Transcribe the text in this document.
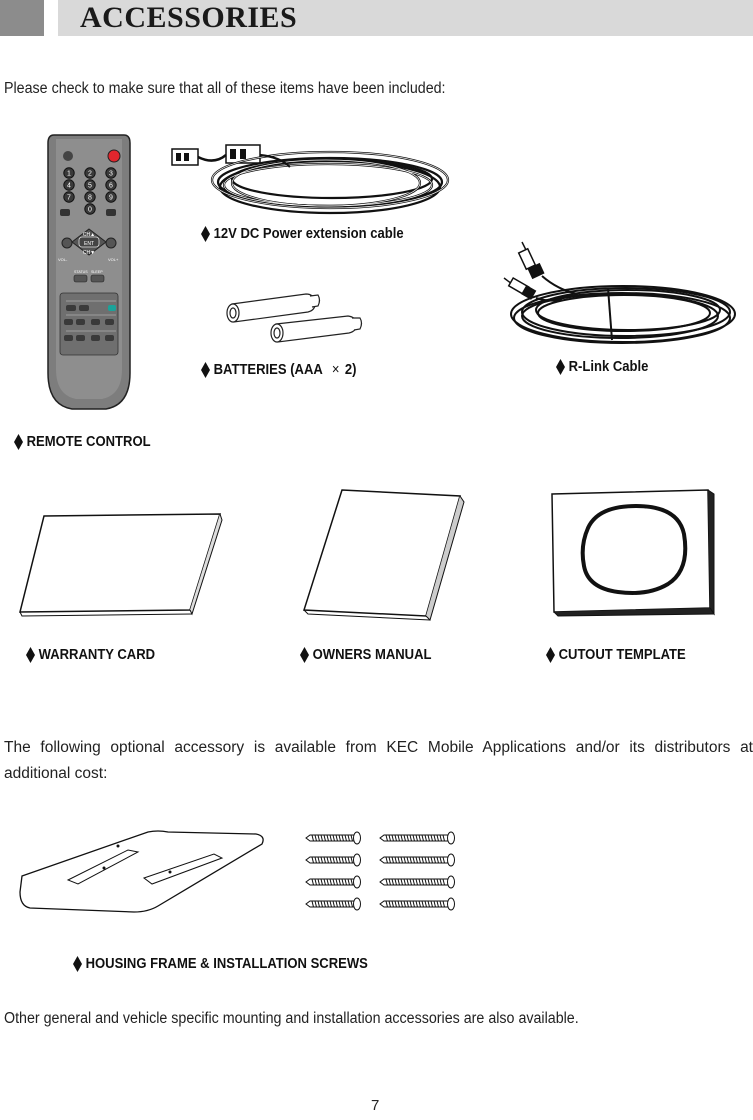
ACCESSORIES
Please check to make sure that all of these items have been included:
1 2 3
4 5 6
7 8 9
0
CH▲
ENT
CH▼
VOL-	VOL+
STATUS SLEEP
12V DC Power extension cable
BATTERIES (AAA × 2)	R-Link Cable
REMOTE CONTROL
WARRANTY CARD	OWNERS MANUAL	CUTOUT TEMPLATE
The following optional accessory is available from KEC Mobile Applications and/or its distributors at additional cost:
HOUSING FRAME & INSTALLATION SCREWS
Other general and vehicle specific mounting and installation accessories are also available.
7
